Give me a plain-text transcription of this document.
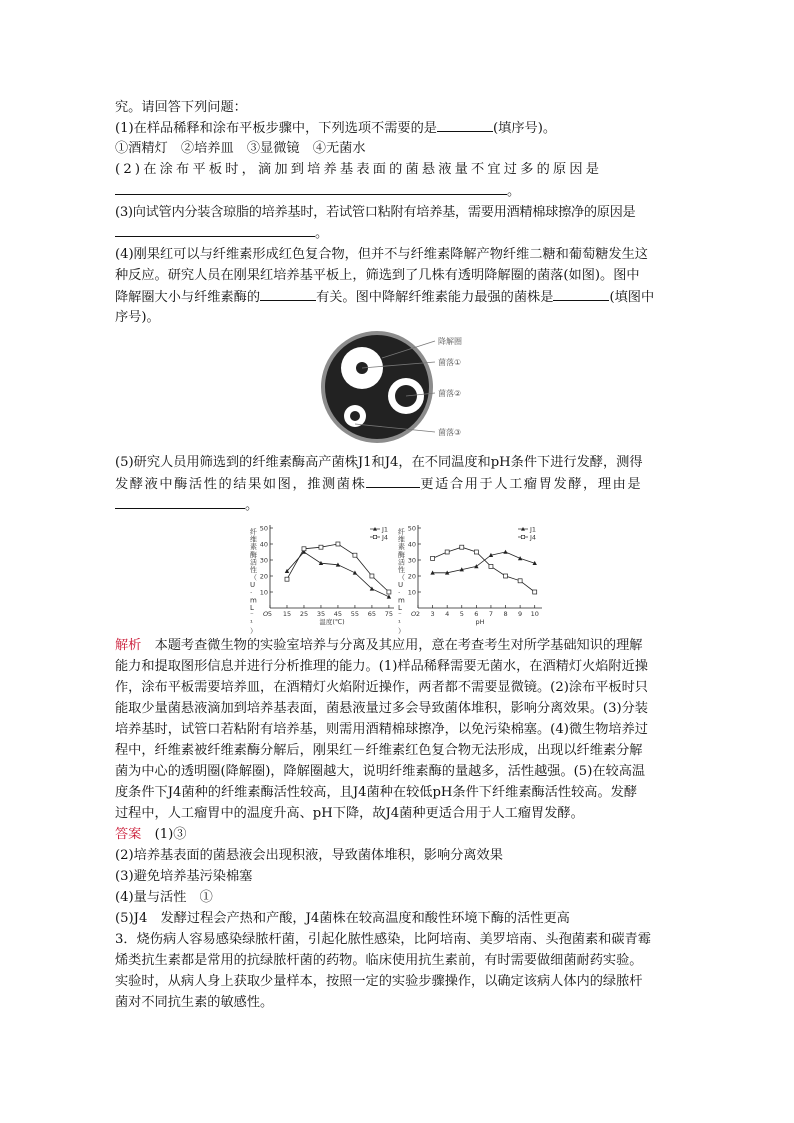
究。请回答下列问题：
(1)在样品稀释和涂布平板步骤中，下列选项不需要的是	(填序号)。
①酒精灯　②培养皿　③显微镜　④无菌水
(2)在涂布平板时，滴加到培养基表面的菌悬液量不宜过多的原因是
。
(3)向试管内分装含琼脂的培养基时，若试管口粘附有培养基，需要用酒精棉球擦净的原因是
。
(4)刚果红可以与纤维素形成红色复合物，但并不与纤维素降解产物纤维二糖和葡萄糖发生这
种反应。研究人员在刚果红培养基平板上，筛选到了几株有透明降解圈的菌落(如图)。图中
降解圈大小与纤维素酶的	有关。图中降解纤维素能力最强的菌株是	(填图中
序号)。
降解圈
菌落①
菌落②
菌落③
(5)研究人员用筛选到的纤维素酶高产菌株J1和J4，在不同温度和pH条件下进行发酵，测得
发酵液中酶活性的结果如图，推测菌株	更适合用于人工瘤胃发酵，理由是
。
10
20
30
40
50
5 15 25 35 45 55 65 75
O
温度(℃)
纤维素酶活性（ U · m L ⁻ ¹ ）
J1
J4
10
20
30
40
50
2 3 4 5 6 7 8 9 10
O
pH
纤维素酶活性（ U · m L ⁻ ¹ ）
J1
J4
解析　 本题考查微生物的实验室培养与分离及其应用，意在考查考生对所学基础知识的理解
能力和提取图形信息并进行分析推理的能力。(1)样品稀释需要无菌水，在酒精灯火焰附近操
作，涂布平板需要培养皿，在酒精灯火焰附近操作，两者都不需要显微镜。(2)涂布平板时只
能取少量菌悬液滴加到培养基表面，菌悬液量过多会导致菌体堆积，影响分离效果。(3)分装
培养基时，试管口若粘附有培养基，则需用酒精棉球擦净，以免污染棉塞。(4)微生物培养过
程中，纤维素被纤维素酶分解后，刚果红－纤维素红色复合物无法形成，出现以纤维素分解
菌为中心的透明圈(降解圈)，降解圈越大，说明纤维素酶的量越多，活性越强。(5)在较高温
度条件下J4菌种的纤维素酶活性较高，且J4菌种在较低pH条件下纤维素酶活性较高。发酵
过程中，人工瘤胃中的温度升高、pH下降，故J4菌种更适合用于人工瘤胃发酵。
答案　 (1)③
(2)培养基表面的菌悬液会出现积液，导致菌体堆积，影响分离效果
(3)避免培养基污染棉塞
(4)量与活性　①
(5)J4　发酵过程会产热和产酸，J4菌株在较高温度和酸性环境下酶的活性更高
3．烧伤病人容易感染绿脓杆菌，引起化脓性感染，比阿培南、美罗培南、头孢菌素和碳青霉
烯类抗生素都是常用的抗绿脓杆菌的药物。临床使用抗生素前，有时需要做细菌耐药实验。
实验时，从病人身上获取少量样本，按照一定的实验步骤操作，以确定该病人体内的绿脓杆
菌对不同抗生素的敏感性。
